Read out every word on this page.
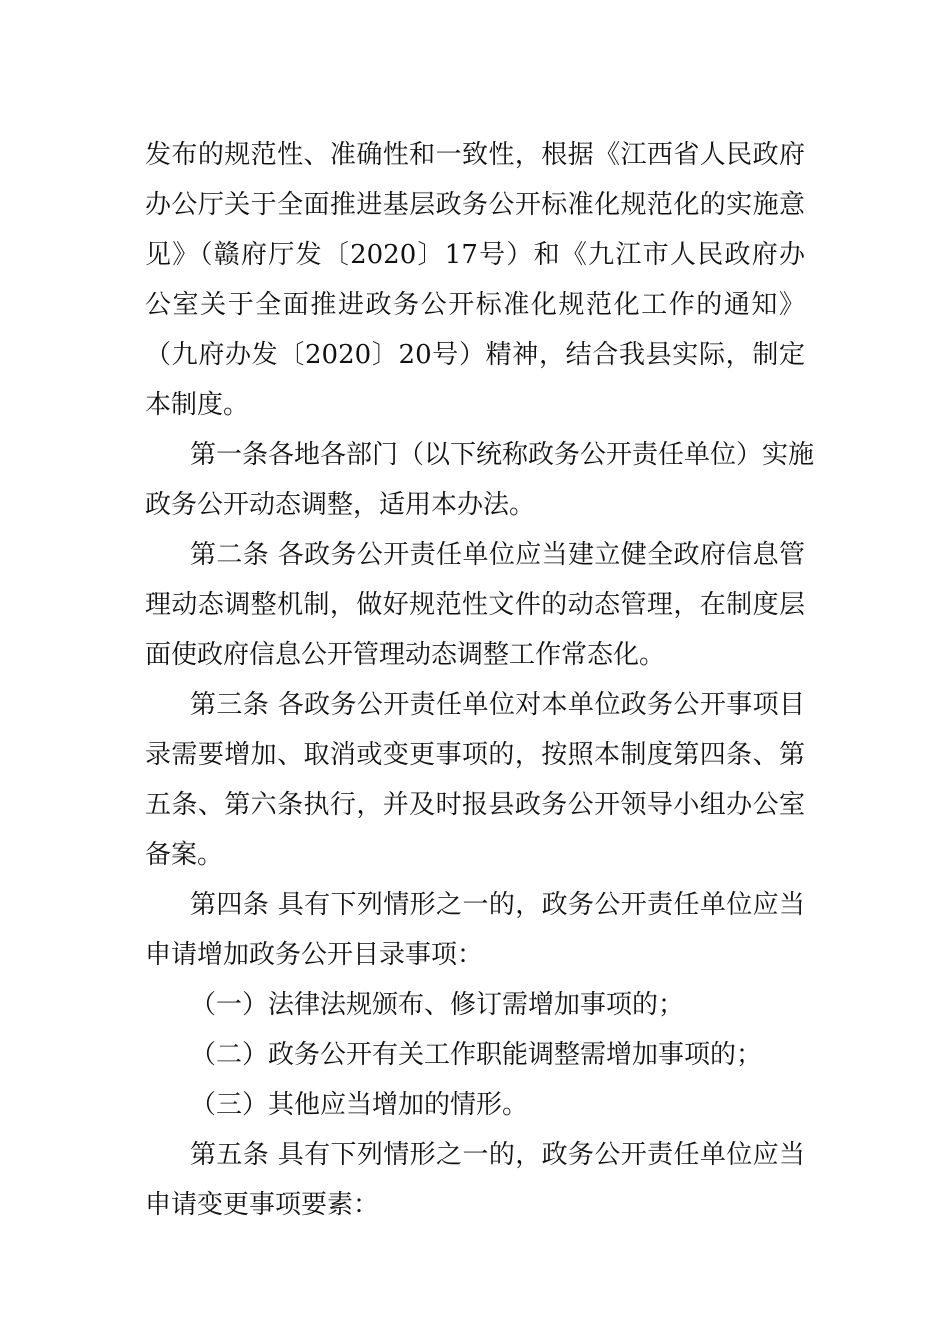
发布的规范性、准确性和一致性，根据《江西省人民政府
办公厅关于全面推进基层政务公开标准化规范化的实施意
见》（赣府厅发〔2020〕17号）和《九江市人民政府办
公室关于全面推进政务公开标准化规范化工作的通知》
（九府办发〔2020〕20号）精神，结合我县实际，制定
本制度。

第一条各地各部门（以下统称政务公开责任单位）实施
政务公开动态调整，适用本办法。

第二条 各政务公开责任单位应当建立健全政府信息管
理动态调整机制，做好规范性文件的动态管理，在制度层
面使政府信息公开管理动态调整工作常态化。

第三条 各政务公开责任单位对本单位政务公开事项目
录需要增加、取消或变更事项的，按照本制度第四条、第
五条、第六条执行，并及时报县政务公开领导小组办公室
备案。

第四条 具有下列情形之一的，政务公开责任单位应当
申请增加政务公开目录事项：

（一）法律法规颁布、修订需增加事项的；

（二）政务公开有关工作职能调整需增加事项的；

（三）其他应当增加的情形。

第五条 具有下列情形之一的，政务公开责任单位应当
申请变更事项要素：
